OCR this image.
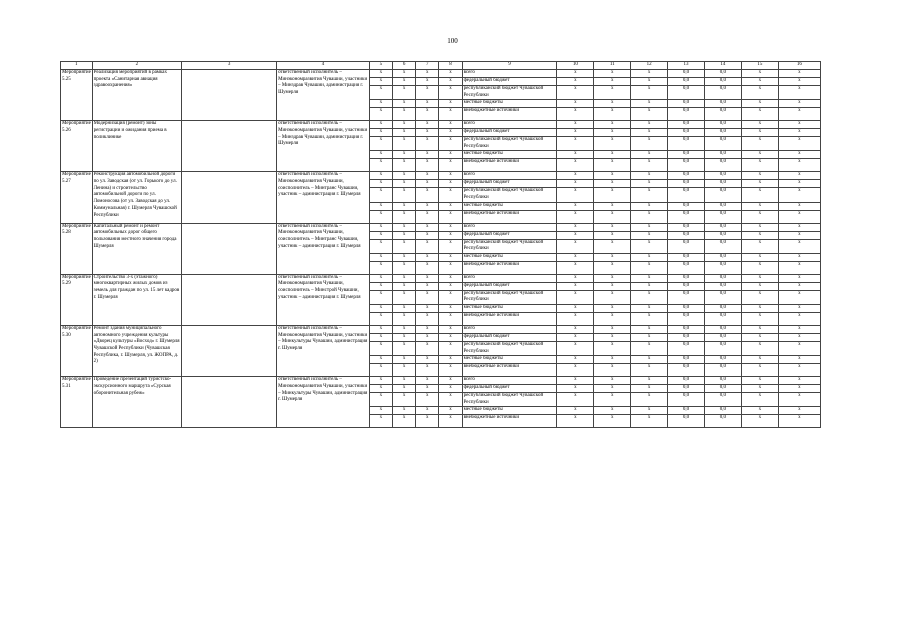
100
1	2	3	4	5	6	7	8	9	10	11	12	13	14	15	16
Мероприятие 5.25	Реализация мероприятий в рамках проекта «Санитарная авиация здравоохранения»		ответственный исполнитель – Минэкономразвития Чувашии, участники – Минздрав Чувашии, администрация г. Шумерля	x	x	x	x	всего	x	x	x	0,0	0,0	x	x
				x	x	x	x	федеральный бюджет	x	x	x	0,0	0,0	x	x
				x	x	x	x	республиканский бюджет Чувашской Республики	x	x	x	0,0	0,0	x	x
				x	x	x	x	местные бюджеты	x	x	x	0,0	0,0	x	x
				x	x	x	x	внебюджетные источники	x	x	x	0,0	0,0	x	x
Мероприятие 5.26	Модернизация (ремонт) зоны регистрации и ожидания приема в поликлинике		ответственный исполнитель – Минэкономразвития Чувашии, участники – Минздрав Чувашии, администрация г. Шумерля	x	x	x	x	всего	x	x	x	0,0	0,0	x	x
				x	x	x	x	федеральный бюджет	x	x	x	0,0	0,0	x	x
				x	x	x	x	республиканский бюджет Чувашской Республики	x	x	x	0,0	0,0	x	x
				x	x	x	x	местные бюджеты	x	x	x	0,0	0,0	x	x
				x	x	x	x	внебюджетные источники	x	x	x	0,0	0,0	x	x
Мероприятие 5.27	Реконструкция автомобильной дороги по ул. Заводская (от ул. Горького до ул. Ленина) и строительство автомобильной дороги по ул. Ломоносова (от ул. Заводская до ул. Коммунальная) г. Шумерля Чувашской Республики		ответственный исполнитель – Минэкономразвития Чувашии, соисполнитель – Минтранс Чувашии, участник – администрация г. Шумерля	x	x	x	x	всего	x	x	x	0,0	0,0	x	x
				x	x	x	x	федеральный бюджет	x	x	x	0,0	0,0	x	x
				x	x	x	x	республиканский бюджет Чувашской Республики	x	x	x	0,0	0,0	x	x
				x	x	x	x	местные бюджеты	x	x	x	0,0	0,0	x	x
				x	x	x	x	внебюджетные источники	x	x	x	0,0	0,0	x	x
Мероприятие 5.28	Капитальный ремонт и ремонт автомобильных дорог общего пользования местного значения города Шумерля		ответственный исполнитель – Минэкономразвития Чувашии, соисполнитель – Минтранс Чувашии, участник – администрация г. Шумерля	x	x	x	x	всего	x	x	x	0,0	0,0	x	x
				x	x	x	x	федеральный бюджет	x	x	x	0,0	0,0	x	x
				x	x	x	x	республиканский бюджет Чувашской Республики	x	x	x	0,0	0,0	x	x
				x	x	x	x	местные бюджеты	x	x	x	0,0	0,0	x	x
				x	x	x	x	внебюджетные источники	x	x	x	0,0	0,0	x	x
Мероприятие 5.29	Строительство 3-х (этажного) многоквартирных жилых домов из земель для граждан по ул. 15 лет кадров г. Шумерля		ответственный исполнитель – Минэкономразвития Чувашии, соисполнитель – Минстрой Чувашии, участник – администрация г. Шумерля	x	x	x	x	всего	x	x	x	0,0	0,0	x	x
				x	x	x	x	федеральный бюджет	x	x	x	0,0	0,0	x	x
				x	x	x	x	республиканский бюджет Чувашской Республики	x	x	x	0,0	0,0	x	x
				x	x	x	x	местные бюджеты	x	x	x	0,0	0,0	x	x
				x	x	x	x	внебюджетные источники	x	x	x	0,0	0,0	x	x
Мероприятие 5.30	Ремонт здания муниципального автономного учреждения культуры «Дворец культуры «Восход» г. Шумерля Чувашской Республики (Чувашская Республика, г. Шумерля, ул. ЖОПРА, д. 2)		ответственный исполнитель – Минэкономразвития Чувашии, участники – Минкультуры Чувашии, администрация г. Шумерля	x	x	x	x	всего	x	x	x	0,0	0,0	x	x
				x	x	x	x	федеральный бюджет	x	x	x	0,0	0,0	x	x
				x	x	x	x	республиканский бюджет Чувашской Республики	x	x	x	0,0	0,0	x	x
				x	x	x	x	местные бюджеты	x	x	x	0,0	0,0	x	x
				x	x	x	x	внебюджетные источники	x	x	x	0,0	0,0	x	x
Мероприятие 5.31	Проведение презентаций туристско-экскурсионного маршрута «Сурская оборонительная рубеж»		ответственный исполнитель – Минэкономразвития Чувашии, участники – Минкультуры Чувашии, администрация г. Шумерля	x	x	x	x	всего	x	x	x	0,0	0,0	x	x
				x	x	x	x	федеральный бюджет	x	x	x	0,0	0,0	x	x
				x	x	x	x	республиканский бюджет Чувашской Республики	x	x	x	0,0	0,0	x	x
				x	x	x	x	местные бюджеты	x	x	x	0,0	0,0	x	x
				x	x	x	x	внебюджетные источники	x	x	x	0,0	0,0	x	x
